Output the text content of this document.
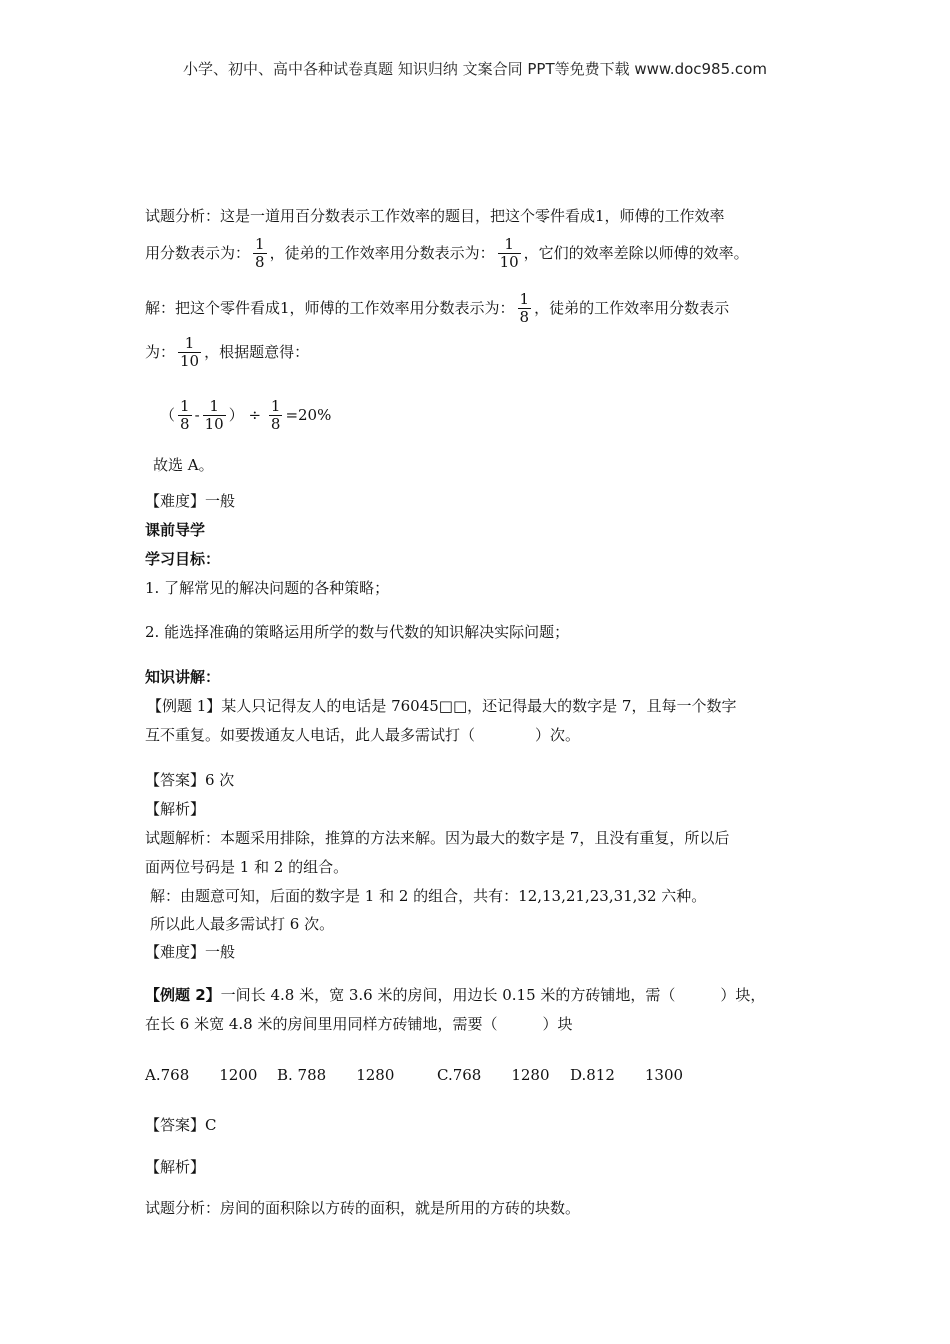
小学、初中、高中各种试卷真题 知识归纳 文案合同 PPT等免费下载 www.doc985.com
试题分析：这是一道用百分数表示工作效率的题目，把这个零件看成1，师傅的工作效率
用分数表示为： $\frac{1}{8}$ ，徒弟的工作效率用分数表示为： $\frac{1}{10}$ ，它们的效率差除以师傅的效率。
解：把这个零件看成1，师傅的工作效率用分数表示为： $\frac{1}{8}$ ，徒弟的工作效率用分数表示
为： $\frac{1}{10}$ ，根据题意得：
（ $\frac{1}{8} - \frac{1}{10}$ ） ÷ $\frac{1}{8} =20\%$
故选 A。
【难度】一般
课前导学
学习目标：
1. 了解常见的解决问题的各种策略；
2. 能选择准确的策略运用所学的数与代数的知识解决实际问题；
知识讲解：
【例题 1】某人只记得友人的电话是 76045□□，还记得最大的数字是 7，且每一个数字
互不重复。如要拨通友人电话，此人最多需试打（　　　　）次。
【答案】6 次
【解析】
试题解析：本题采用排除，推算的方法来解。因为最大的数字是 7，且没有重复，所以后
面两位号码是 1 和 2 的组合。
解：由题意可知，后面的数字是 1 和 2 的组合，共有：12,13,21,23,31,32 六种。
所以此人最多需试打 6 次。
【难度】一般
【例题 2】一间长 4.8 米，宽 3.6 米的房间，用边长 0.15 米的方砖铺地，需（　　　）块，
在长 6 米宽 4.8 米的房间里用同样方砖铺地，需要（　　　）块
A.768　　1200 B. 788　　1280	C.768　　1280 D.812　　1300
【答案】C
【解析】
试题分析：房间的面积除以方砖的面积，就是所用的方砖的块数。
